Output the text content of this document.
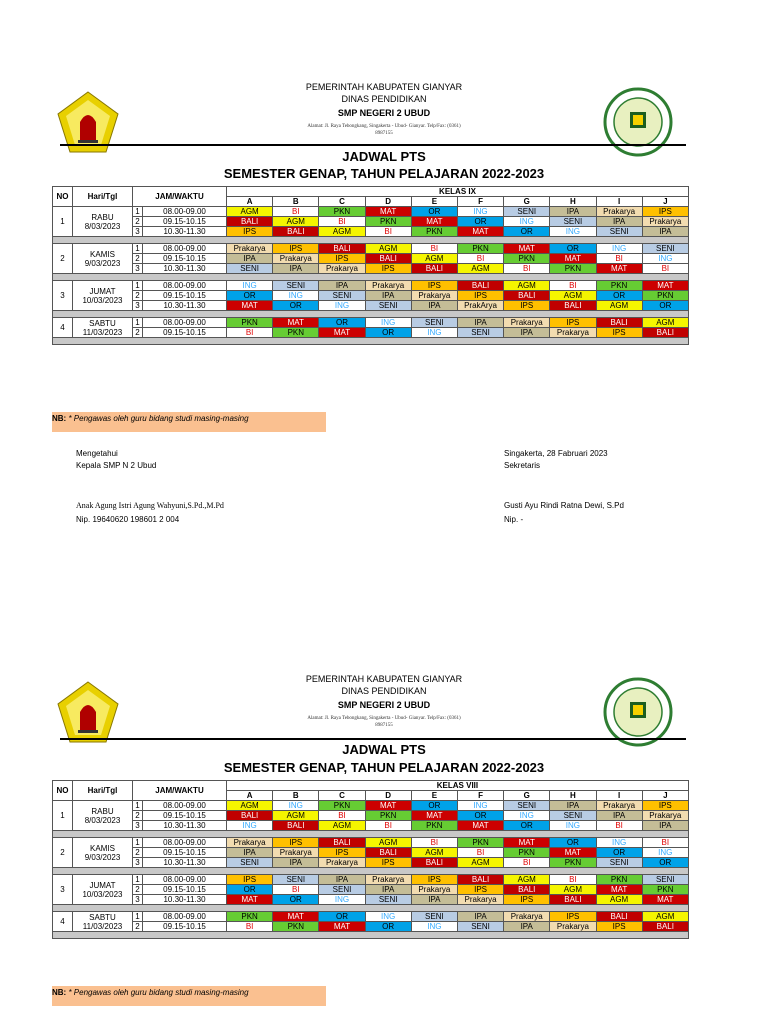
PEMERINTAH KABUPATEN GIANYAR
DINAS PENDIDIKAN
SMP NEGERI 2 UBUD
Alamat: Jl. Raya Tebongkang, Singakerta - Ubud- Gianyar. Telp/Fax: (0361)
8987155
JADWAL PTS
SEMESTER GENAP, TAHUN PELAJARAN 2022-2023
NO	Hari/Tgl	JAM/WAKTU		KELAS IX									
				A	B	C	D	E	F	G	H	I	J
1	RABU
8/03/2023	1	08.00-09.00	AGM	BI	PKN	MAT	OR	ING	SENI	IPA	Prakarya	IPS
		2	09.15-10.15	BALI	AGM	BI	PKN	MAT	OR	ING	SENI	IPA	Prakarya
		3	10.30-11.30	IPS	BALI	AGM	BI	PKN	MAT	OR	ING	SENI	IPA

2	KAMIS
9/03/2023	1	08.00-09.00	Prakarya	IPS	BALI	AGM	BI	PKN	MAT	OR	ING	SENI
		2	09.15-10.15	IPA	Prakarya	IPS	BALI	AGM	BI	PKN	MAT	BI	ING
		3	10.30-11.30	SENI	IPA	Prakarya	IPS	BALI	AGM	BI	PKN	MAT	BI

3	JUMAT
10/03/2023	1	08.00-09.00	ING	SENI	IPA	Prakarya	IPS	BALI	AGM	BI	PKN	MAT
		2	09.15-10.15	OR	ING	SENI	IPA	Prakarya	IPS	BALI	AGM	OR	PKN
		3	10.30-11.30	MAT	OR	ING	SENI	IPA	PrakArya	IPS	BALI	AGM	OR

4	SABTU
11/03/2023	1	08.00-09.00	PKN	MAT	OR	ING	SENI	IPA	Prakarya	IPS	BALI	AGM
		2	09.15-10.15	BI	PKN	MAT	OR	ING	SENI	IPA	Prakarya	IPS	BALI

NB: * Pengawas oleh guru bidang studi masing-masing
Mengetahui
Kepala SMP N 2 Ubud
Anak Agung Istri Agung Wahyuni,S.Pd.,M.Pd
Nip. 19640620 198601 2 004
Singakerta, 28 Fabruari 2023
Sekretaris
Gusti Ayu Rindi Ratna Dewi, S.Pd
Nip. -
PEMERINTAH KABUPATEN GIANYAR
DINAS PENDIDIKAN
SMP NEGERI 2 UBUD
Alamat: Jl. Raya Tebongkang, Singakerta - Ubud- Gianyar. Telp/Fax: (0361)
8987155
JADWAL PTS
SEMESTER GENAP, TAHUN PELAJARAN 2022-2023
NO	Hari/Tgl	JAM/WAKTU		KELAS VIII									
				A	B	C	D	E	F	G	H	I	J
1	RABU
8/03/2023	1	08.00-09.00	AGM	ING	PKN	MAT	OR	ING	SENI	IPA	Prakarya	IPS
		2	09.15-10.15	BALI	AGM	BI	PKN	MAT	OR	ING	SENI	IPA	Prakarya
		3	10.30-11.30	ING	BALI	AGM	BI	PKN	MAT	OR	ING	BI	IPA

2	KAMIS
9/03/2023	1	08.00-09.00	Prakarya	IPS	BALI	AGM	BI	PKN	MAT	OR	ING	BI
		2	09.15-10.15	IPA	Prakarya	IPS	BALI	AGM	BI	PKN	MAT	OR	ING
		3	10.30-11.30	SENI	IPA	Prakarya	IPS	BALI	AGM	BI	PKN	SENI	OR

3	JUMAT
10/03/2023	1	08.00-09.00	IPS	SENI	IPA	Prakarya	IPS	BALI	AGM	BI	PKN	SENI
		2	09.15-10.15	OR	BI	SENI	IPA	Prakarya	IPS	BALI	AGM	MAT	PKN
		3	10.30-11.30	MAT	OR	ING	SENI	IPA	Prakarya	IPS	BALI	AGM	MAT

4	SABTU
11/03/2023	1	08.00-09.00	PKN	MAT	OR	ING	SENI	IPA	Prakarya	IPS	BALI	AGM
		2	09.15-10.15	BI	PKN	MAT	OR	ING	SENI	IPA	Prakarya	IPS	BALI

NB: * Pengawas oleh guru bidang studi masing-masing
